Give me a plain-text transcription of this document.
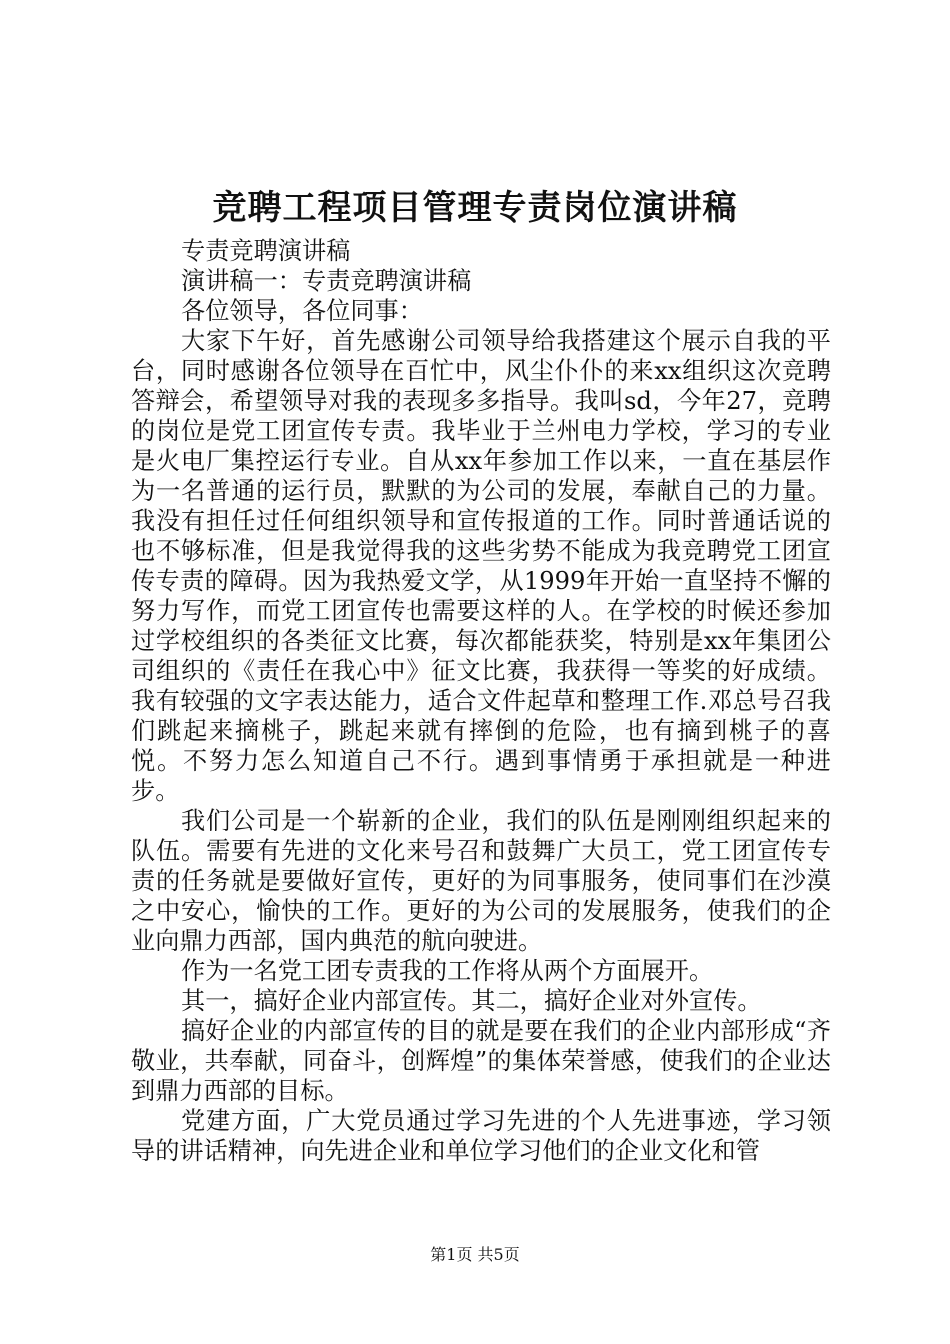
竞聘工程项目管理专责岗位演讲稿

专责竞聘演讲稿

演讲稿一：专责竞聘演讲稿

各位领导，各位同事：

大家下午好，首先感谢公司领导给我搭建这个展示自我的平台，同时感谢各位领导在百忙中，风尘仆仆的来xx组织这次竞聘答辩会，希望领导对我的表现多多指导。我叫sd，今年27，竞聘的岗位是党工团宣传专责。我毕业于兰州电力学校，学习的专业是火电厂集控运行专业。自从xx年参加工作以来，一直在基层作为一名普通的运行员，默默的为公司的发展，奉献自己的力量。我没有担任过任何组织领导和宣传报道的工作。同时普通话说的也不够标准，但是我觉得我的这些劣势不能成为我竞聘党工团宣传专责的障碍。因为我热爱文学，从1999年开始一直坚持不懈的努力写作，而党工团宣传也需要这样的人。在学校的时候还参加过学校组织的各类征文比赛，每次都能获奖，特别是xx年集团公司组织的《责任在我心中》征文比赛，我获得一等奖的好成绩。我有较强的文字表达能力，适合文件起草和整理工作.邓总号召我们跳起来摘桃子，跳起来就有摔倒的危险，也有摘到桃子的喜悦。不努力怎么知道自己不行。遇到事情勇于承担就是一种进步。

我们公司是一个崭新的企业，我们的队伍是刚刚组织起来的队伍。需要有先进的文化来号召和鼓舞广大员工，党工团宣传专责的任务就是要做好宣传，更好的为同事服务，使同事们在沙漠之中安心，愉快的工作。更好的为公司的发展服务，使我们的企业向鼎力西部，国内典范的航向驶进。

作为一名党工团专责我的工作将从两个方面展开。

其一，搞好企业内部宣传。其二，搞好企业对外宣传。

搞好企业的内部宣传的目的就是要在我们的企业内部形成“齐敬业，共奉献，同奋斗，创辉煌”的集体荣誉感，使我们的企业达到鼎力西部的目标。

党建方面，广大党员通过学习先进的个人先进事迹，学习领导的讲话精神，向先进企业和单位学习他们的企业文化和管

第1页 共5页
